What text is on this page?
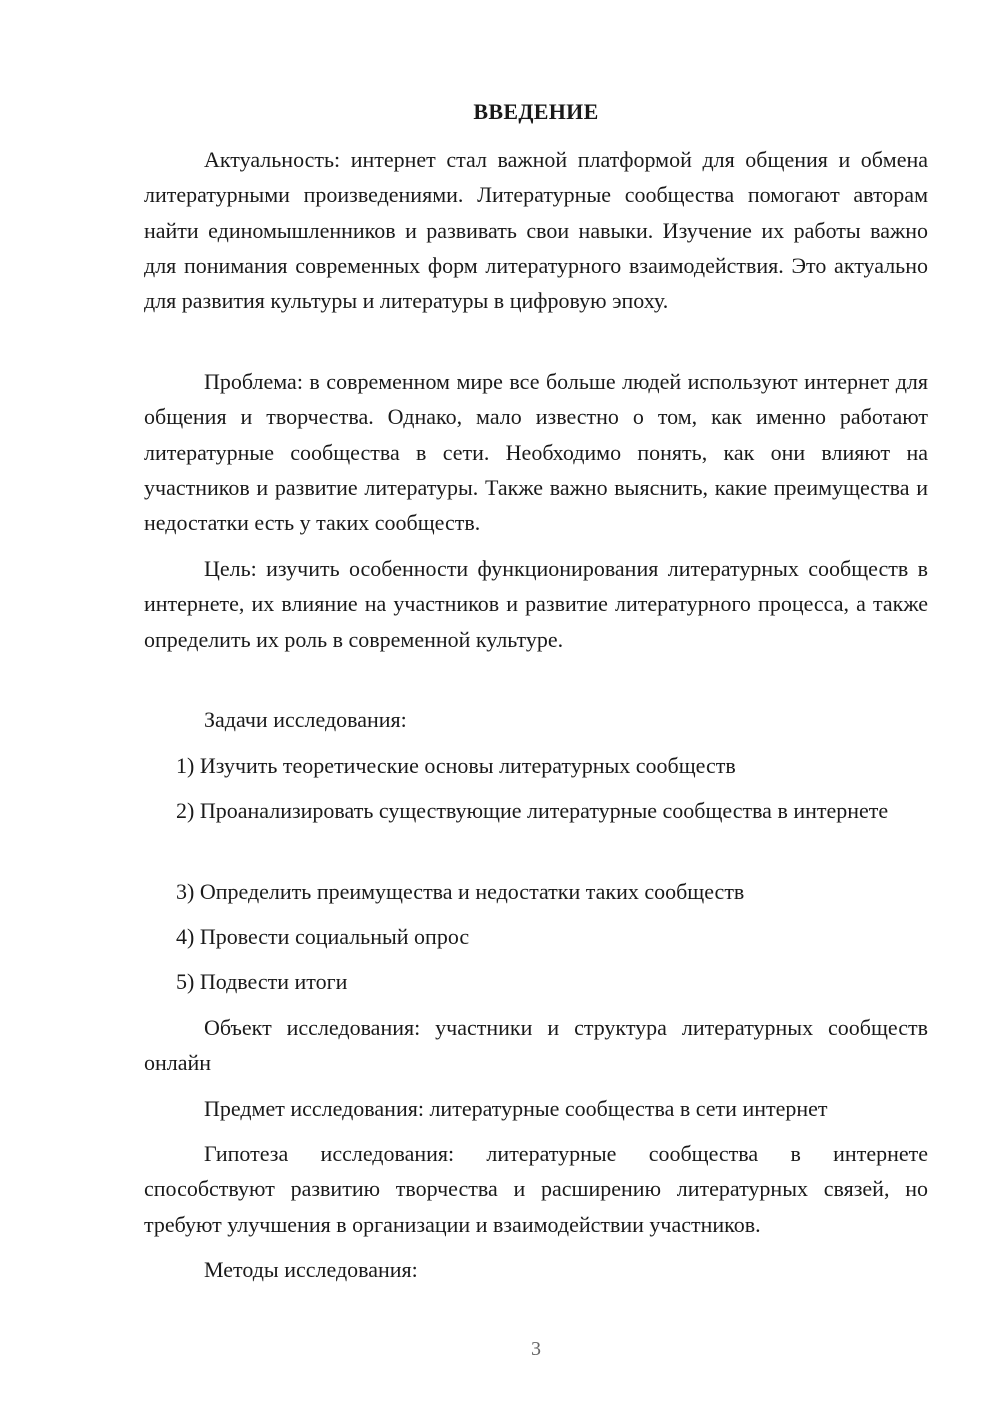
ВВЕДЕНИЕ

Актуальность: интернет стал важной платформой для общения и обмена литературными произведениями. Литературные сообщества помогают авторам найти единомышленников и развивать свои навыки. Изучение их работы важно для понимания современных форм литературного взаимодействия. Это актуально для развития культуры и литературы в цифровую эпоху.

Проблема: в современном мире все больше людей используют интернет для общения и творчества. Однако, мало известно о том, как именно работают литературные сообщества в сети. Необходимо понять, как они влияют на участников и развитие литературы. Также важно выяснить, какие преимущества и недостатки есть у таких сообществ.

Цель: изучить особенности функционирования литературных сообществ в интернете, их влияние на участников и развитие литературного процесса, а также определить их роль в современной культуре.

Задачи исследования:

1) Изучить теоретические основы литературных сообществ

2) Проанализировать существующие литературные сообщества в интернете

3) Определить преимущества и недостатки таких сообществ

4) Провести социальный опрос

5) Подвести итоги

Объект исследования: участники и структура литературных сообществ онлайн

Предмет исследования: литературные сообщества в сети интернет

Гипотеза исследования: литературные сообщества в интернете способствуют развитию творчества и расширению литературных связей, но требуют улучшения в организации и взаимодействии участников.

Методы исследования:

3
